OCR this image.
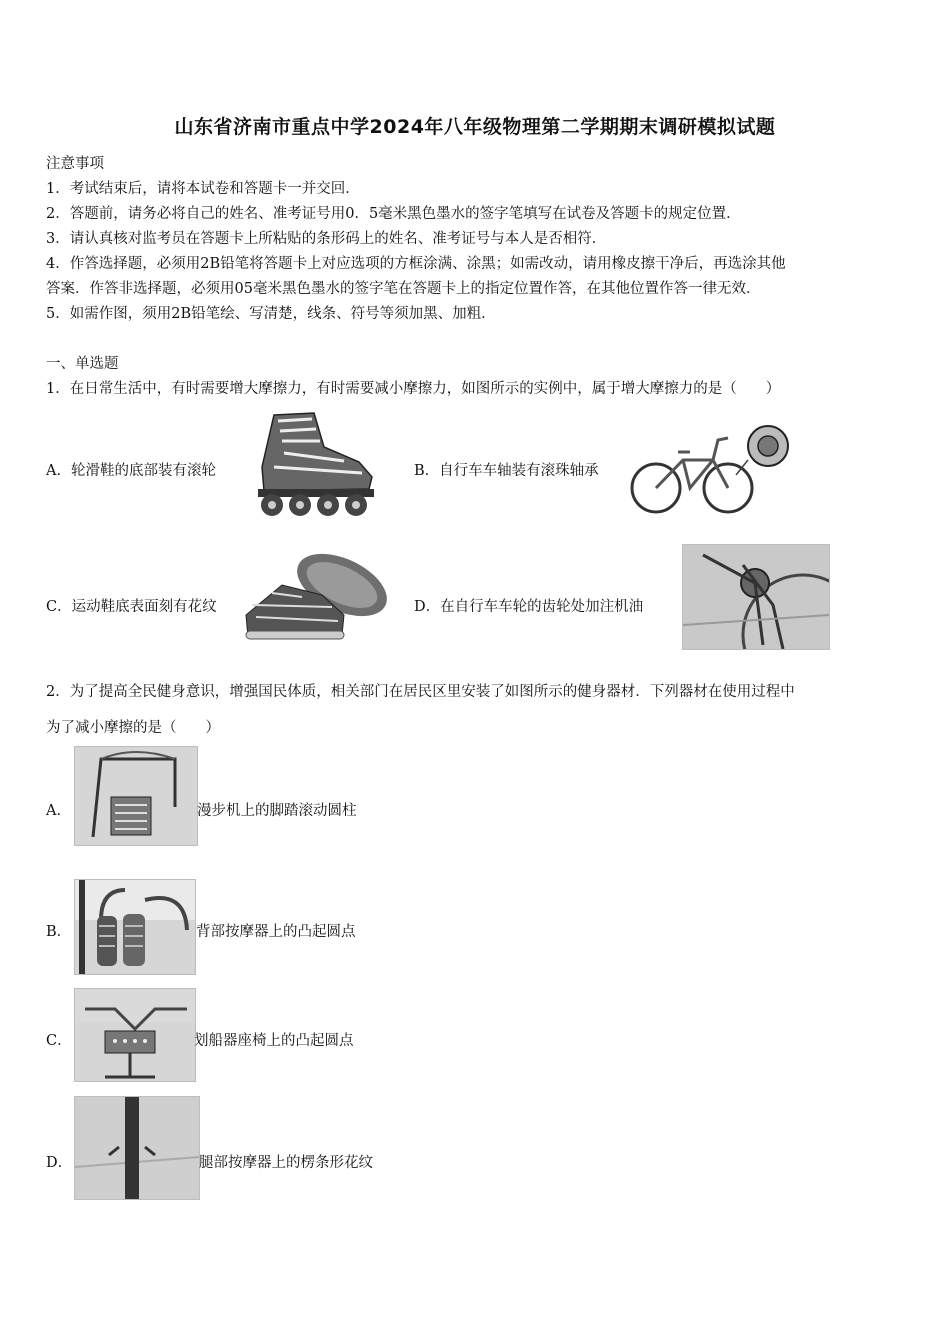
山东省济南市重点中学2024年八年级物理第二学期期末调研模拟试题
注意事项
1．考试结束后，请将本试卷和答题卡一并交回．
2．答题前，请务必将自己的姓名、准考证号用0．5毫米黑色墨水的签字笔填写在试卷及答题卡的规定位置．
3．请认真核对监考员在答题卡上所粘贴的条形码上的姓名、准考证号与本人是否相符．
4．作答选择题，必须用2B铅笔将答题卡上对应选项的方框涂满、涂黑；如需改动，请用橡皮擦干净后，再选涂其他
答案．作答非选择题，必须用05毫米黑色墨水的签字笔在答题卡上的指定位置作答，在其他位置作答一律无效．
5．如需作图，须用2B铅笔绘、写清楚，线条、符号等须加黑、加粗．
一、单选题
1．在日常生活中，有时需要增大摩擦力，有时需要减小摩擦力，如图所示的实例中，属于增大摩擦力的是（　　）
A．轮滑鞋的底部装有滚轮	B．自行车车轴装有滚珠轴承
C．运动鞋底表面刻有花纹	D．在自行车车轮的齿轮处加注机油
2．为了提高全民健身意识，增强国民体质，相关部门在居民区里安装了如图所示的健身器材．下列器材在使用过程中
为了减小摩擦的是（　　）
A．	漫步机上的脚踏滚动圆柱
B．	背部按摩器上的凸起圆点
C．	划船器座椅上的凸起圆点
D．	腿部按摩器上的楞条形花纹
